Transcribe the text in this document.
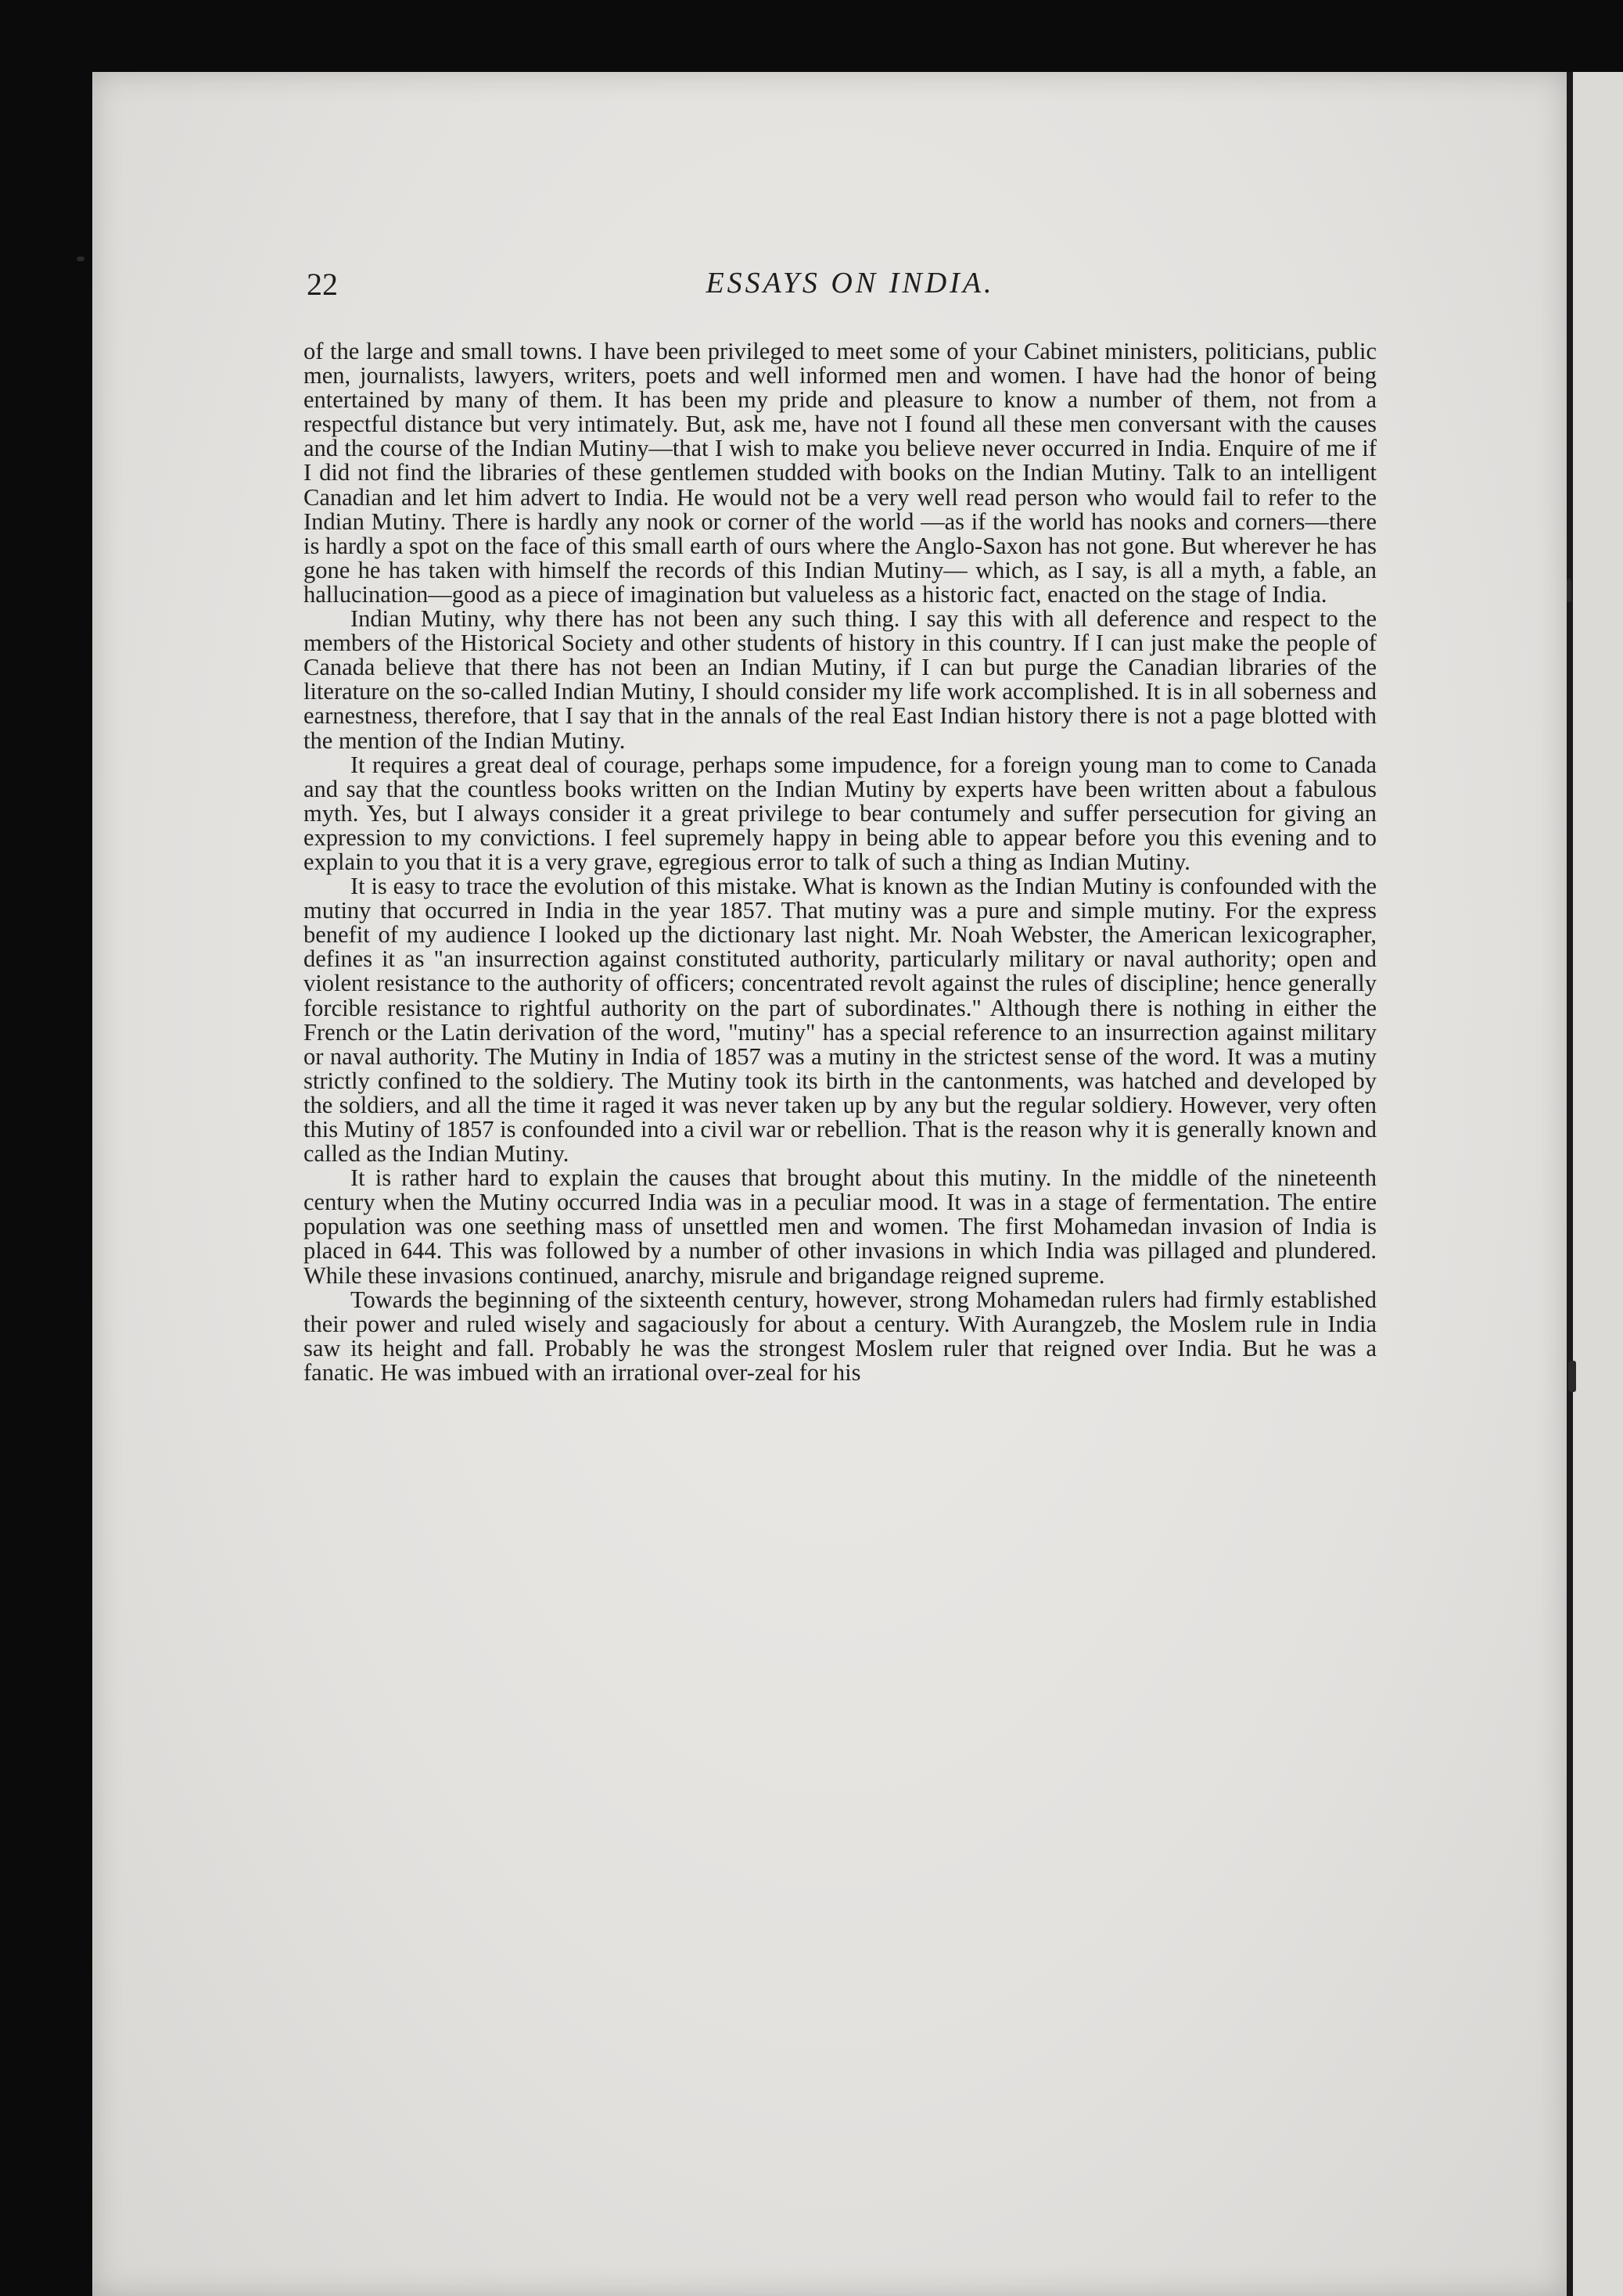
22	ESSAYS ON INDIA.

of the large and small towns. I have been privileged to meet some of your Cabinet ministers, politicians, public men, journalists, lawyers, writers, poets and well informed men and women. I have had the honor of being entertained by many of them. It has been my pride and pleasure to know a number of them, not from a respectful distance but very intimately. But, ask me, have not I found all these men conversant with the causes and the course of the Indian Mutiny—that I wish to make you believe never occurred in India. Enquire of me if I did not find the libraries of these gentlemen studded with books on the Indian Mutiny. Talk to an intelligent Canadian and let him advert to India. He would not be a very well read person who would fail to refer to the Indian Mutiny. There is hardly any nook or corner of the world —as if the world has nooks and corners—there is hardly a spot on the face of this small earth of ours where the Anglo-Saxon has not gone. But wherever he has gone he has taken with himself the records of this Indian Mutiny— which, as I say, is all a myth, a fable, an hallucination—good as a piece of imagination but valueless as a historic fact, enacted on the stage of India.

Indian Mutiny, why there has not been any such thing. I say this with all deference and respect to the members of the Historical Society and other students of history in this country. If I can just make the people of Canada believe that there has not been an Indian Mutiny, if I can but purge the Canadian libraries of the literature on the so-called Indian Mutiny, I should consider my life work accomplished. It is in all soberness and earnestness, therefore, that I say that in the annals of the real East Indian history there is not a page blotted with the mention of the Indian Mutiny.

It requires a great deal of courage, perhaps some impudence, for a foreign young man to come to Canada and say that the countless books written on the Indian Mutiny by experts have been written about a fabulous myth. Yes, but I always consider it a great privilege to bear contumely and suffer persecution for giving an expression to my convictions. I feel supremely happy in being able to appear before you this evening and to explain to you that it is a very grave, egregious error to talk of such a thing as Indian Mutiny.

It is easy to trace the evolution of this mistake. What is known as the Indian Mutiny is confounded with the mutiny that occurred in India in the year 1857. That mutiny was a pure and simple mutiny. For the express benefit of my audience I looked up the dictionary last night. Mr. Noah Webster, the American lexicographer, defines it as "an insurrection against constituted authority, particularly military or naval authority; open and violent resistance to the authority of officers; concentrated revolt against the rules of discipline; hence generally forcible resistance to rightful authority on the part of subordinates." Although there is nothing in either the French or the Latin derivation of the word, "mutiny" has a special reference to an insurrection against military or naval authority. The Mutiny in India of 1857 was a mutiny in the strictest sense of the word. It was a mutiny strictly confined to the soldiery. The Mutiny took its birth in the cantonments, was hatched and developed by the soldiers, and all the time it raged it was never taken up by any but the regular soldiery. However, very often this Mutiny of 1857 is confounded into a civil war or rebellion. That is the reason why it is generally known and called as the Indian Mutiny.

It is rather hard to explain the causes that brought about this mutiny. In the middle of the nineteenth century when the Mutiny occurred India was in a peculiar mood. It was in a stage of fermentation. The entire population was one seething mass of unsettled men and women. The first Mohamedan invasion of India is placed in 644. This was followed by a number of other invasions in which India was pillaged and plundered. While these invasions continued, anarchy, misrule and brigandage reigned supreme.

Towards the beginning of the sixteenth century, however, strong Mohamedan rulers had firmly established their power and ruled wisely and sagaciously for about a century. With Aurangzeb, the Moslem rule in India saw its height and fall. Probably he was the strongest Moslem ruler that reigned over India. But he was a fanatic. He was imbued with an irrational over-zeal for his
